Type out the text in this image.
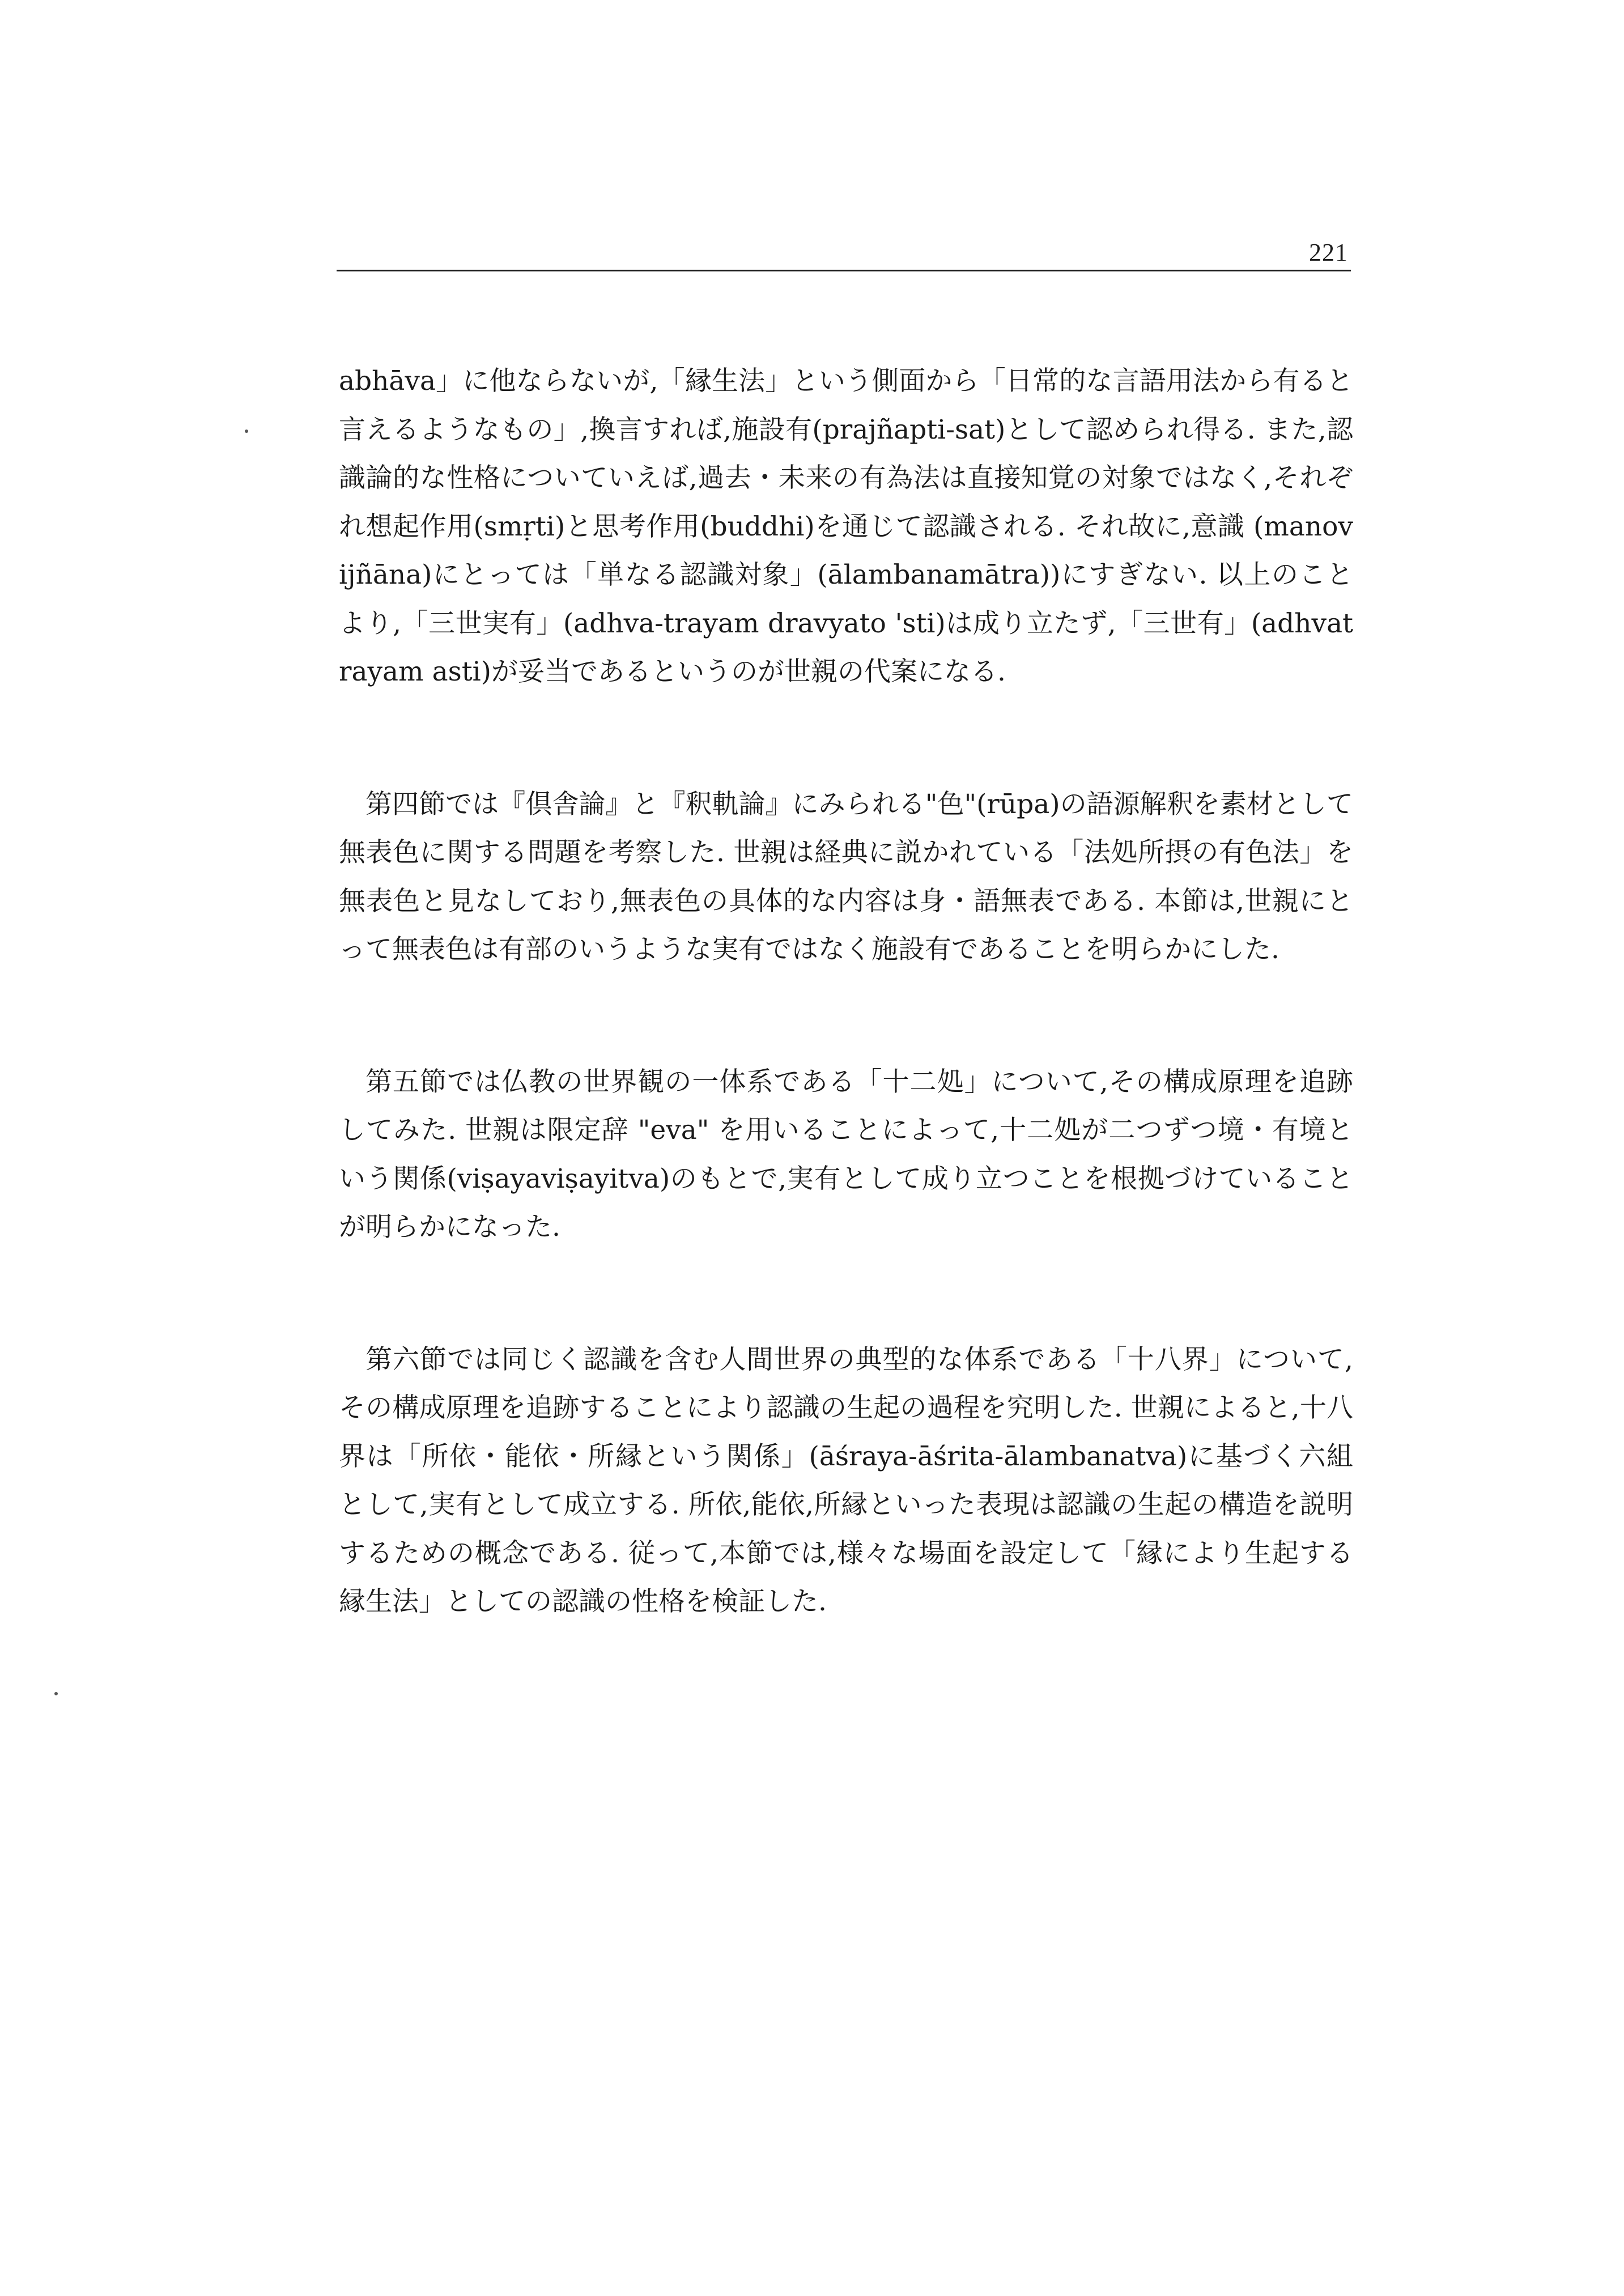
221

abhāva」に他ならないが,「縁生法」という側面から「日常的な言語用法から有ると言えるようなもの」,換言すれば,施設有(prajñapti-sat)として認められ得る. また,認識論的な性格についていえば,過去・未来の有為法は直接知覚の対象ではなく,それぞれ想起作用(smṛti)と思考作用(buddhi)を通じて認識される. それ故に,意識 (manovijñāna)にとっては「単なる認識対象」(ālambanamātra))にすぎない. 以上のことより,「三世実有」(adhva-trayam dravyato 'sti)は成り立たず,「三世有」(adhvatrayam asti)が妥当であるというのが世親の代案になる.

第四節では『倶舎論』と『釈軌論』にみられる"色"(rūpa)の語源解釈を素材として無表色に関する問題を考察した. 世親は経典に説かれている「法処所摂の有色法」を無表色と見なしており,無表色の具体的な内容は身・語無表である. 本節は,世親にとって無表色は有部のいうような実有ではなく施設有であることを明らかにした.

第五節では仏教の世界観の一体系である「十二処」について,その構成原理を追跡してみた. 世親は限定辞 "eva" を用いることによって,十二処が二つずつ境・有境という関係(viṣayaviṣayitva)のもとで,実有として成り立つことを根拠づけていることが明らかになった.

第六節では同じく認識を含む人間世界の典型的な体系である「十八界」について,その構成原理を追跡することにより認識の生起の過程を究明した. 世親によると,十八界は「所依・能依・所縁という関係」(āśraya-āśrita-ālambanatva)に基づく六組として,実有として成立する. 所依,能依,所縁といった表現は認識の生起の構造を説明するための概念である. 従って,本節では,様々な場面を設定して「縁により生起する縁生法」としての認識の性格を検証した.
